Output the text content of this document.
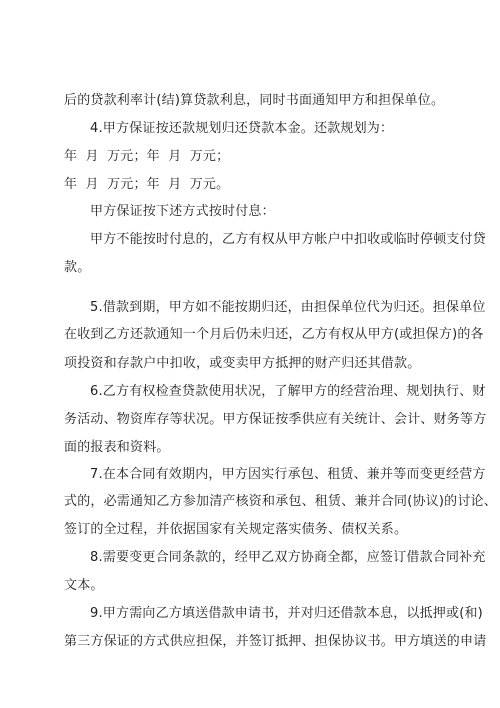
后的贷款利率计(结)算贷款利息，同时书面通知甲方和担保单位。
4.甲方保证按还款规划归还贷款本金。还款规划为：
年 月 万元；年 月 万元；
年 月 万元；年 月 万元。
甲方保证按下述方式按时付息：
甲方不能按时付息的，乙方有权从甲方帐户中扣收或临时停顿支付贷
款。
5.借款到期，甲方如不能按期归还，由担保单位代为归还。担保单位
在收到乙方还款通知一个月后仍未归还，乙方有权从甲方(或担保方)的各
项投资和存款户中扣收，或变卖甲方抵押的财产归还其借款。
6.乙方有权检查贷款使用状况，了解甲方的经营治理、规划执行、财
务活动、物资库存等状况。甲方保证按季供应有关统计、会计、财务等方
面的报表和资料。
7.在本合同有效期内，甲方因实行承包、租赁、兼并等而变更经营方
式的，必需通知乙方参加清产核资和承包、租赁、兼并合同(协议)的讨论、
签订的全过程，并依据国家有关规定落实债务、债权关系。
8.需要变更合同条款的，经甲乙双方协商全都，应签订借款合同补充
文本。
9.甲方需向乙方填送借款申请书，并对归还借款本息，以抵押或(和)
第三方保证的方式供应担保，并签订抵押、担保协议书。甲方填送的申请
